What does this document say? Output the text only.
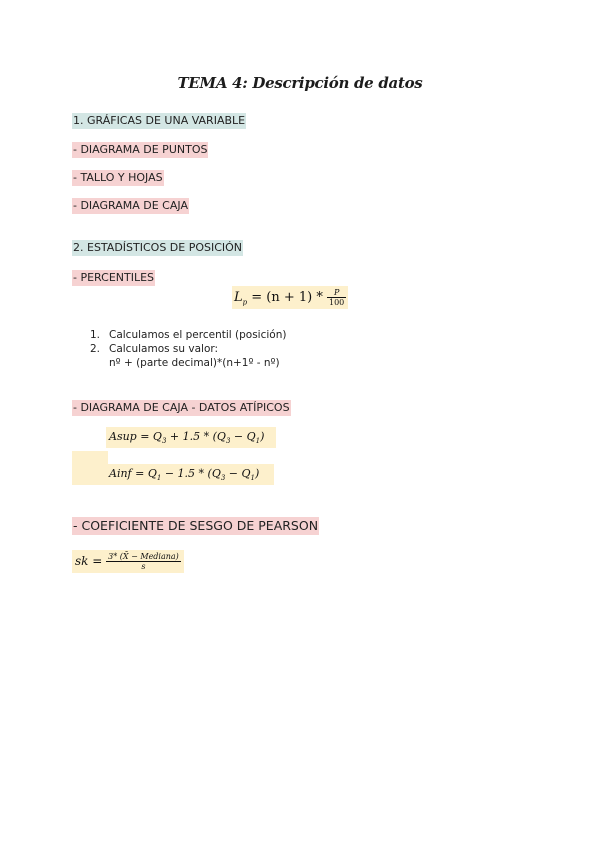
TEMA 4: Descripción de datos
1. GRÁFICAS DE UNA VARIABLE
- DIAGRAMA DE PUNTOS
- TALLO Y HOJAS
- DIAGRAMA DE CAJA
2. ESTADÍSTICOS DE POSICIÓN
- PERCENTILES
$L_p = (n + 1) * \frac{P}{100}$
1. Calculamos el percentil (posición)
2. Calculamos su valor:
nº + (parte decimal)*(n+1º - nº)
- DIAGRAMA DE CAJA - DATOS ATÍPICOS
Asup = $Q_3 + 1.5 * (Q_3 - Q_1)$
Ainf = $Q_1 - 1.5 * (Q_3 - Q_1)$
- COEFICIENTE DE SESGO DE PEARSON
sk = $\frac{\text{3* (X̄ − Mediana)}}{s}$
